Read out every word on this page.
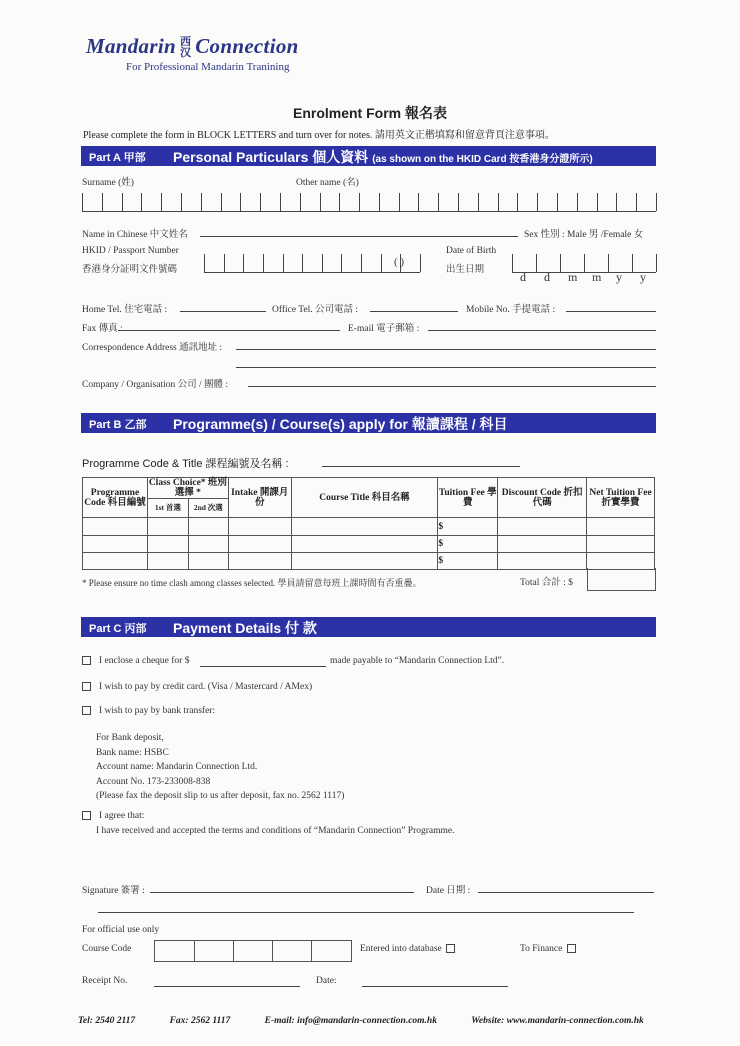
Mandarin 西
汉 Connection
For Professional Mandarin Tranining
Enrolment Form 報名表
Please complete the form in BLOCK LETTERS and turn over for notes. 請用英文正楷填寫和留意背頁注意事項。
Part A 甲部 Personal Particulars 個人資料 (as shown on the HKID Card 按香港身分證所示)
Surname (姓)	Other name (名)
Name in Chinese 中文姓名	Sex 性別 : Male 男 /Female 女
HKID / Passport Number
香港身分証明文件號碼
( )
Date of Birth
出生日期	d d m m y y
Home Tel. 住宅電話 :	Office Tel. 公司電話 :	Mobile No. 手提電話 :
Fax 傳真 :	E-mail 電子郵箱 :
Correspondence Address 通訊地址 :
Company / Organisation 公司 / 團體 :
Part B 乙部 Programme(s) / Course(s) apply for 報讀課程 / 科目
Programme Code & Title 課程編號及名稱 :
Programme Code 科目編號	Class Choice* 班別選擇 *		Intake 開課月份	Course Title 科目名稱	Tuition Fee 學 費	Discount Code 折扣代碼	Net Tuition Fee 折實學費
	1st 首選	2nd 次選					
					$		
					$		
					$		
* Please ensure no time clash among classes selected. 學員請留意每班上課時間有否重疊。	Total 合計 : $
Part C 丙部 Payment Details 付 款
I enclose a cheque for $	made payable to “Mandarin Connection Ltd”.
I wish to pay by credit card. (Visa / Mastercard / AMex)
I wish to pay by bank transfer:
For Bank deposit,
Bank name: HSBC
Account name: Mandarin Connection Ltd.
Account No. 173-233008-838
(Please fax the deposit slip to us after deposit, fax no. 2562 1117)
I agree that:
I have received and accepted the terms and conditions of “Mandarin Connection” Programme.
Signature 簽署 :	Date 日期 :
For official use only
Course Code	Entered into database	To Finance
Receipt No.	Date:
Tel: 2540 2117	Fax: 2562 1117	E-mail: info@mandarin-connection.com.hk	Website: www.mandarin-connection.com.hk
